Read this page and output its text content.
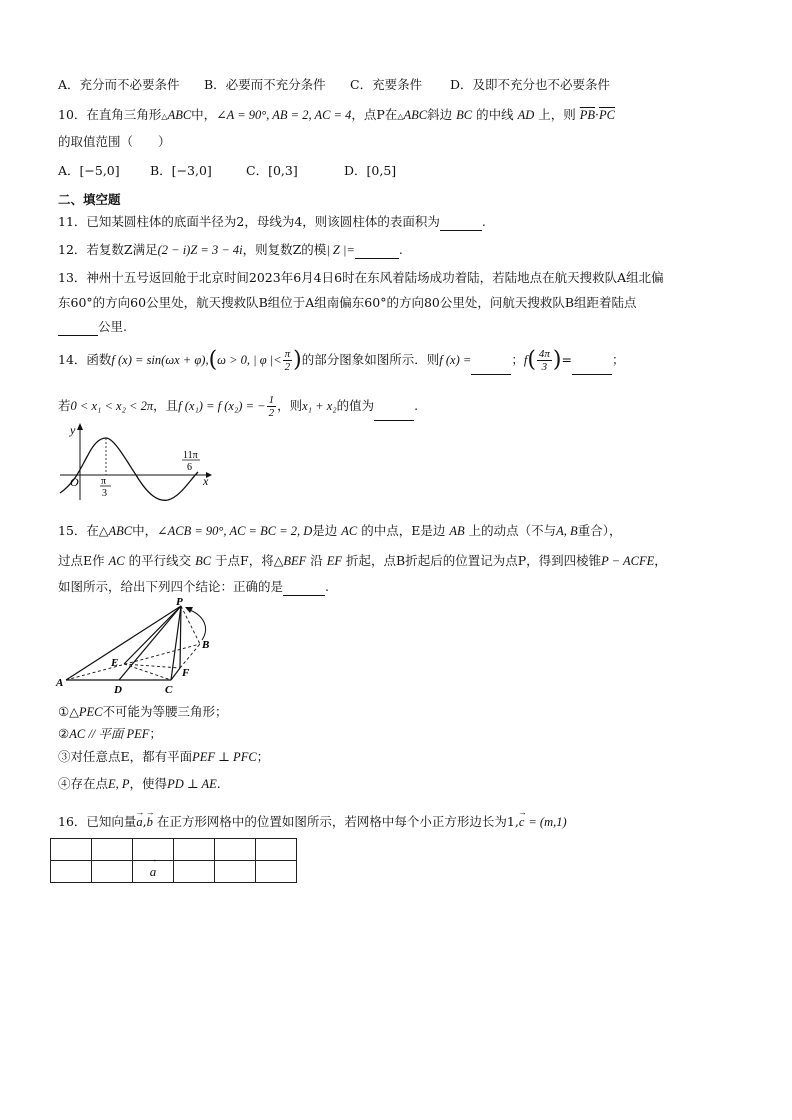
A．充分而不必要条件 B．必要而不充分条件 C．充要条件 D．及即不充分也不必要条件
10．在直角三角形△ABC中，∠A = 90°, AB = 2, AC = 4，点P在△ABC斜边 BC 的中线 AD 上，则 $\overline{PB}\cdot\overline{PC}$
的取值范围（　　）
A．[−5,0] B．[−3,0]	C．[0,3]	D．[0,5]
二、填空题
11．已知某圆柱体的底面半径为2，母线为4，则该圆柱体的表面积为	.
12．若复数Z满足(2 − i)Z = 3 − 4i，则复数Z的模| Z |=	.
13．神州十五号返回舱于北京时间2023年6月4日6时在东风着陆场成功着陆，若陆地点在航天搜救队A组北偏
东60°的方向60公里处，航天搜救队B组位于A组南偏东60°的方向80公里处，问航天搜救队B组距着陆点
公里.
14．函数f (x) = sin(ωx + φ),(ω > 0, | φ |< $\frac{\pi}{2}$ )的部分图象如图所示．则f (x) =	；$f( \frac{4\pi}{3}$ )=	；
若0 < x₁ < x₂ < 2π，且f (x₁) = f (x₂) = − $\frac{1}{2}$ ，则x₁ + x₂的值为	.
y
x
O π
3
11π
6
15．在△ABC中，∠ACB = 90°, AC = BC = 2, D是边 AC 的中点，E是边 AB 上的动点（不与A, B重合），
过点E作 AC 的平行线交 BC 于点F，将△BEF 沿 EF 折起，点B折起后的位置记为点P，得到四棱锥P − ACFE，
如图所示，给出下列四个结论：正确的是	.
P
B
E
F
A
D	C
①△PEC不可能为等腰三角形；
②AC // 平面 PEF；
③对任意点E，都有平面PEF ⊥ PFC；
④存在点E, P，使得PD ⊥ AE.
16．已知向量→ a,→ b 在正方形网格中的位置如图所示，若网格中每个小正方形边长为1,→ c = (m,1)

		→ a			
